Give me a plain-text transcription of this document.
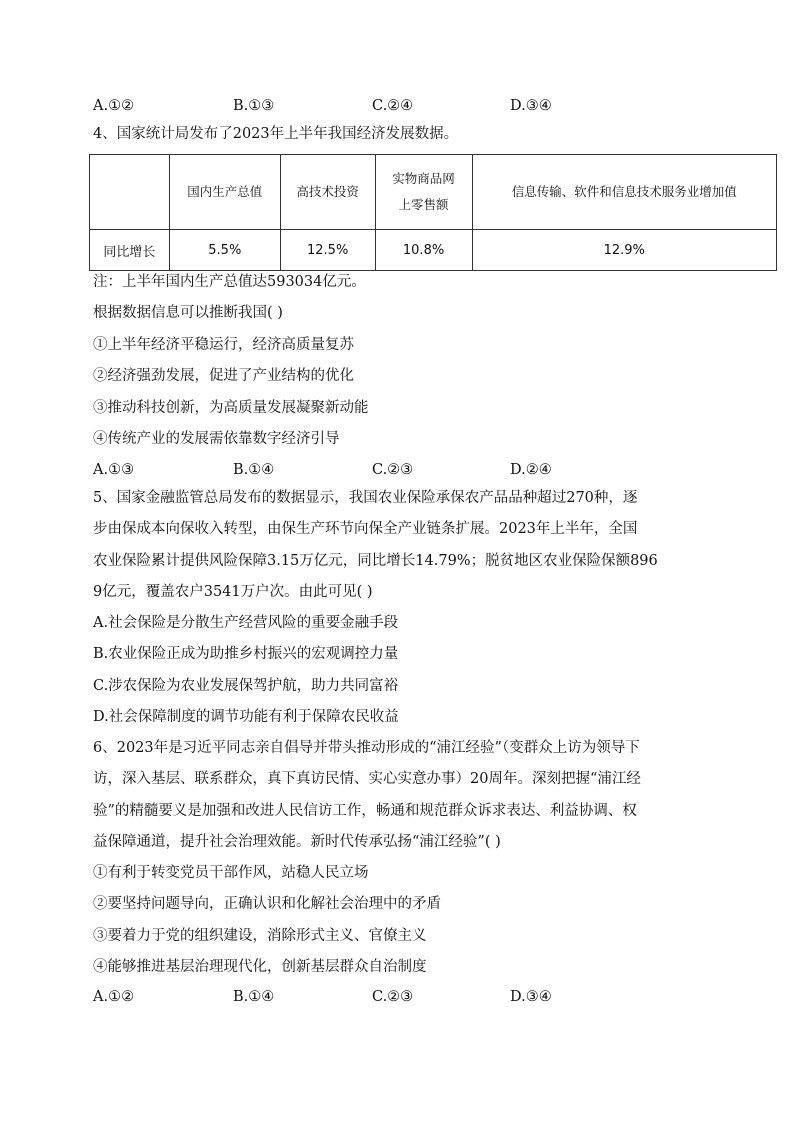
A.①②	B.①③	C.②④	D.③④
4、国家统计局发布了2023年上半年我国经济发展数据。
	国内生产总值	高技术投资	实物商品网上零售额	信息传输、软件和信息技术服务业增加值
同比增长	5.5%	12.5%	10.8%	12.9%
注：上半年国内生产总值达593034亿元。
根据数据信息可以推断我国( )
①上半年经济平稳运行，经济高质量复苏
②经济强劲发展，促进了产业结构的优化
③推动科技创新，为高质量发展凝聚新动能
④传统产业的发展需依靠数字经济引导
A.①③	B.①④	C.②③	D.②④
5、国家金融监管总局发布的数据显示，我国农业保险承保农产品品种超过270种，逐
步由保成本向保收入转型，由保生产环节向保全产业链条扩展。2023年上半年，全国
农业保险累计提供风险保障3.15万亿元，同比增长14.79%；脱贫地区农业保险保额896
9亿元，覆盖农户3541万户次。由此可见( )
A.社会保险是分散生产经营风险的重要金融手段
B.农业保险正成为助推乡村振兴的宏观调控力量
C.涉农保险为农业发展保驾护航，助力共同富裕
D.社会保障制度的调节功能有利于保障农民收益
6、2023年是习近平同志亲自倡导并带头推动形成的“浦江经验”（变群众上访为领导下
访，深入基层、联系群众，真下真访民情、实心实意办事）20周年。深刻把握“浦江经
验”的精髓要义是加强和改进人民信访工作，畅通和规范群众诉求表达、利益协调、权
益保障通道，提升社会治理效能。新时代传承弘扬“浦江经验”( )
①有利于转变党员干部作风，站稳人民立场
②要坚持问题导向，正确认识和化解社会治理中的矛盾
③要着力于党的组织建设，消除形式主义、官僚主义
④能够推进基层治理现代化，创新基层群众自治制度
A.①②	B.①④	C.②③	D.③④
